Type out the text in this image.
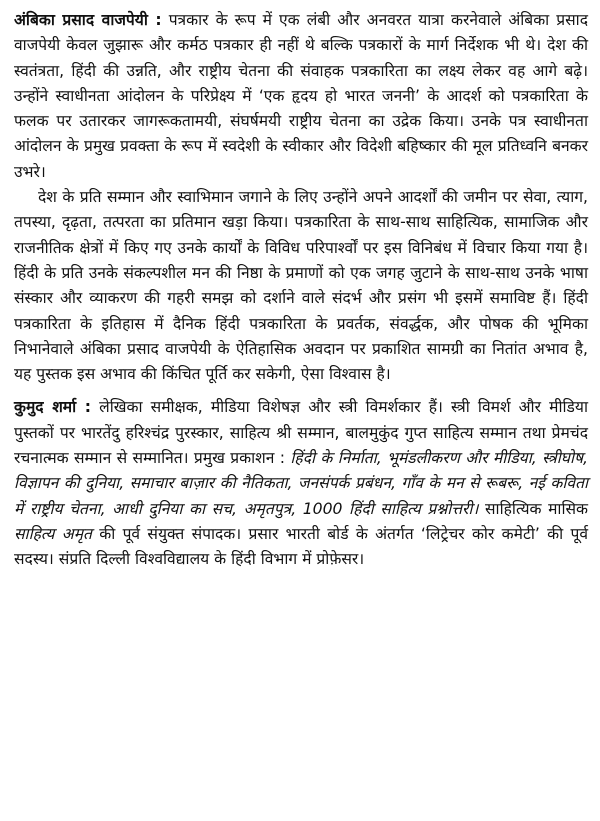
अंबिका प्रसाद वाजपेयी : पत्रकार के रूप में एक लंबी और अनवरत यात्रा करनेवाले अंबिका प्रसाद वाजपेयी केवल जुझारू और कर्मठ पत्रकार ही नहीं थे बल्कि पत्रकारों के मार्ग निर्देशक भी थे। देश की स्वतंत्रता, हिंदी की उन्नति, और राष्ट्रीय चेतना की संवाहक पत्रकारिता का लक्ष्य लेकर वह आगे बढ़े। उन्होंने स्वाधीनता आंदोलन के परिप्रेक्ष्य में ‘एक हृदय हो भारत जननी’ के आदर्श को पत्रकारिता के फलक पर उतारकर जागरूकतामयी, संघर्षमयी राष्ट्रीय चेतना का उद्रेक किया। उनके पत्र स्वाधीनता आंदोलन के प्रमुख प्रवक्ता के रूप में स्वदेशी के स्वीकार और विदेशी बहिष्कार की मूल प्रतिध्वनि बनकर उभरे।

देश के प्रति सम्मान और स्वाभिमान जगाने के लिए उन्होंने अपने आदर्शों की जमीन पर सेवा, त्याग, तपस्या, दृढ़ता, तत्परता का प्रतिमान खड़ा किया। पत्रकारिता के साथ-साथ साहित्यिक, सामाजिक और राजनीतिक क्षेत्रों में किए गए उनके कार्यों के विविध परिपार्श्वों पर इस विनिबंध में विचार किया गया है। हिंदी के प्रति उनके संकल्पशील मन की निष्ठा के प्रमाणों को एक जगह जुटाने के साथ-साथ उनके भाषा संस्कार और व्याकरण की गहरी समझ को दर्शाने वाले संदर्भ और प्रसंग भी इसमें समाविष्ट हैं। हिंदी पत्रकारिता के इतिहास में दैनिक हिंदी पत्रकारिता के प्रवर्तक, संवर्द्धक, और पोषक की भूमिका निभानेवाले अंबिका प्रसाद वाजपेयी के ऐतिहासिक अवदान पर प्रकाशित सामग्री का नितांत अभाव है, यह पुस्तक इस अभाव की किंचित पूर्ति कर सकेगी, ऐसा विश्वास है।

कुमुद शर्मा : लेखिका समीक्षक, मीडिया विशेषज्ञ और स्त्री विमर्शकार हैं। स्त्री विमर्श और मीडिया पुस्तकों पर भारतेंदु हरिश्चंद्र पुरस्कार, साहित्य श्री सम्मान, बालमुकुंद गुप्त साहित्य सम्मान तथा प्रेमचंद रचनात्मक सम्मान से सम्मानित। प्रमुख प्रकाशन : हिंदी के निर्माता, भूमंडलीकरण और मीडिया, स्त्रीघोष, विज्ञापन की दुनिया, समाचार बाज़ार की नैतिकता, जनसंपर्क प्रबंधन, गाँव के मन से रूबरू, नई कविता में राष्ट्रीय चेतना, आधी दुनिया का सच, अमृतपुत्र, 1000 हिंदी साहित्य प्रश्नोत्तरी। साहित्यिक मासिक साहित्य अमृत की पूर्व संयुक्त संपादक। प्रसार भारती बोर्ड के अंतर्गत ‘लिट्रेचर कोर कमेटी’ की पूर्व सदस्य। संप्रति दिल्ली विश्वविद्यालय के हिंदी विभाग में प्रोफ़ेसर।
